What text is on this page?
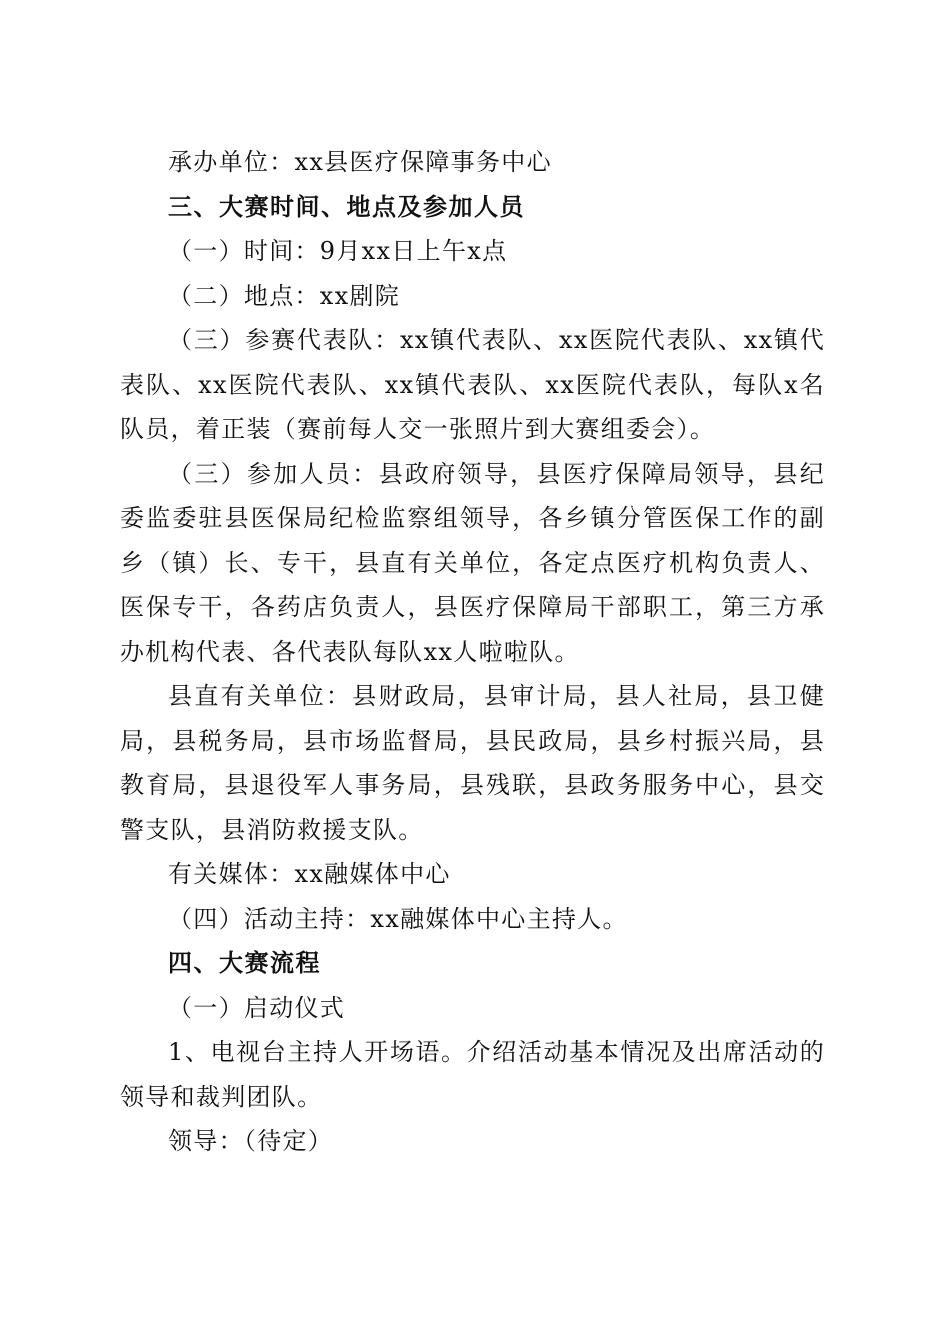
承办单位：xx县医疗保障事务中心

三、大赛时间、地点及参加人员

（一）时间：9月xx日上午x点

（二）地点：xx剧院

（三）参赛代表队：xx镇代表队、xx医院代表队、xx镇代表队、xx医院代表队、xx镇代表队、xx医院代表队，每队x名队员，着正装（赛前每人交一张照片到大赛组委会）。

（三）参加人员：县政府领导，县医疗保障局领导，县纪委监委驻县医保局纪检监察组领导，各乡镇分管医保工作的副乡（镇）长、专干，县直有关单位，各定点医疗机构负责人、医保专干，各药店负责人，县医疗保障局干部职工，第三方承办机构代表、各代表队每队xx人啦啦队。

县直有关单位：县财政局，县审计局，县人社局，县卫健局，县税务局，县市场监督局，县民政局，县乡村振兴局，县教育局，县退役军人事务局，县残联，县政务服务中心，县交警支队，县消防救援支队。

有关媒体：xx融媒体中心

（四）活动主持：xx融媒体中心主持人。

四、大赛流程

（一）启动仪式

1、电视台主持人开场语。介绍活动基本情况及出席活动的领导和裁判团队。

领导：（待定）
